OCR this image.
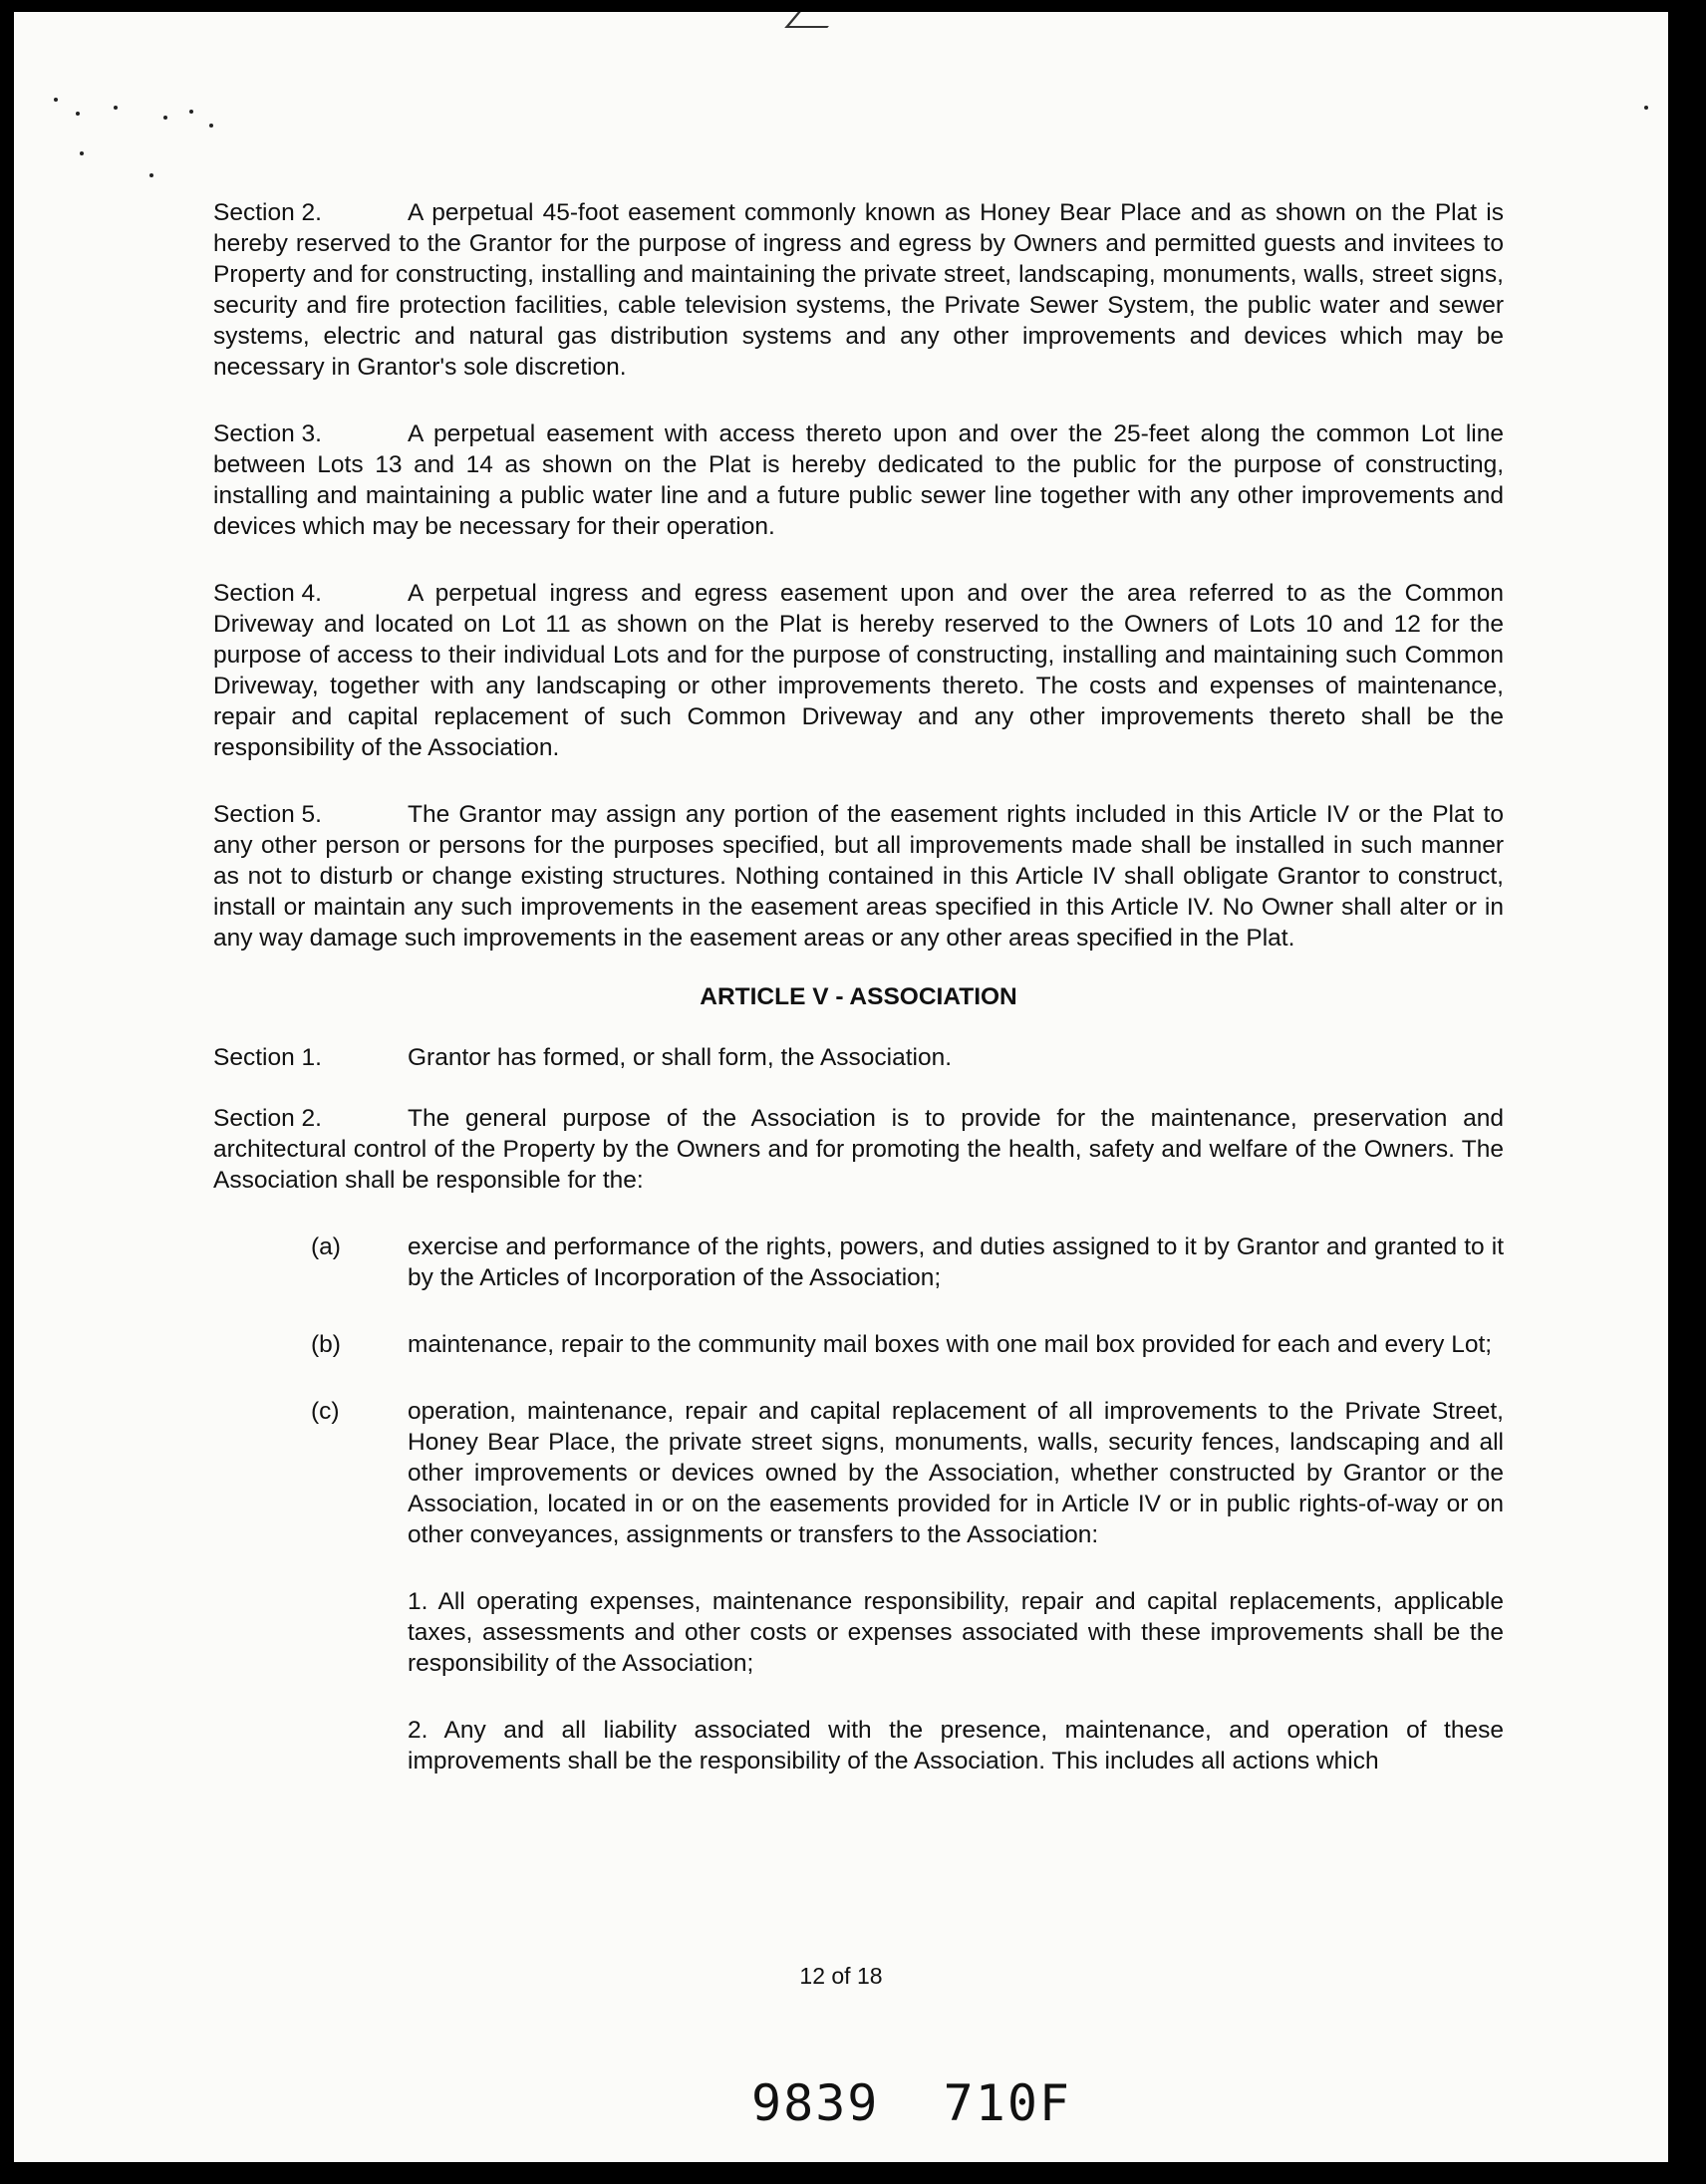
Section 2.	A perpetual 45-foot easement commonly known as Honey Bear Place and as shown on the Plat is hereby reserved to the Grantor for the purpose of ingress and egress by Owners and permitted guests and invitees to Property and for constructing, installing and maintaining the private street, landscaping, monuments, walls, street signs, security and fire protection facilities, cable television systems, the Private Sewer System, the public water and sewer systems, electric and natural gas distribution systems and any other improvements and devices which may be necessary in Grantor's sole discretion.

Section 3.	A perpetual easement with access thereto upon and over the 25-feet along the common Lot line between Lots 13 and 14 as shown on the Plat is hereby dedicated to the public for the purpose of constructing, installing and maintaining a public water line and a future public sewer line together with any other improvements and devices which may be necessary for their operation.

Section 4.	A perpetual ingress and egress easement upon and over the area referred to as the Common Driveway and located on Lot 11 as shown on the Plat is hereby reserved to the Owners of Lots 10 and 12 for the purpose of access to their individual Lots and for the purpose of constructing, installing and maintaining such Common Driveway, together with any landscaping or other improvements thereto. The costs and expenses of maintenance, repair and capital replacement of such Common Driveway and any other improvements thereto shall be the responsibility of the Association.

Section 5.	The Grantor may assign any portion of the easement rights included in this Article IV or the Plat to any other person or persons for the purposes specified, but all improvements made shall be installed in such manner as not to disturb or change existing structures. Nothing contained in this Article IV shall obligate Grantor to construct, install or maintain any such improvements in the easement areas specified in this Article IV. No Owner shall alter or in any way damage such improvements in the easement areas or any other areas specified in the Plat.

ARTICLE V - ASSOCIATION

Section 1.	Grantor has formed, or shall form, the Association.

Section 2.	The general purpose of the Association is to provide for the maintenance, preservation and architectural control of the Property by the Owners and for promoting the health, safety and welfare of the Owners. The Association shall be responsible for the:

(a)	exercise and performance of the rights, powers, and duties assigned to it by Grantor and granted to it by the Articles of Incorporation of the Association;
(b)	maintenance, repair to the community mail boxes with one mail box provided for each and every Lot;
(c)	operation, maintenance, repair and capital replacement of all improvements to the Private Street, Honey Bear Place, the private street signs, monuments, walls, security fences, landscaping and all other improvements or devices owned by the Association, whether constructed by Grantor or the Association, located in or on the easements provided for in Article IV or in public rights-of-way or on other conveyances, assignments or transfers to the Association:

1. All operating expenses, maintenance responsibility, repair and capital replacements, applicable taxes, assessments and other costs or expenses associated with these improvements shall be the responsibility of the Association;

2. Any and all liability associated with the presence, maintenance, and operation of these improvements shall be the responsibility of the Association. This includes all actions which

12 of 18
9839  710F
